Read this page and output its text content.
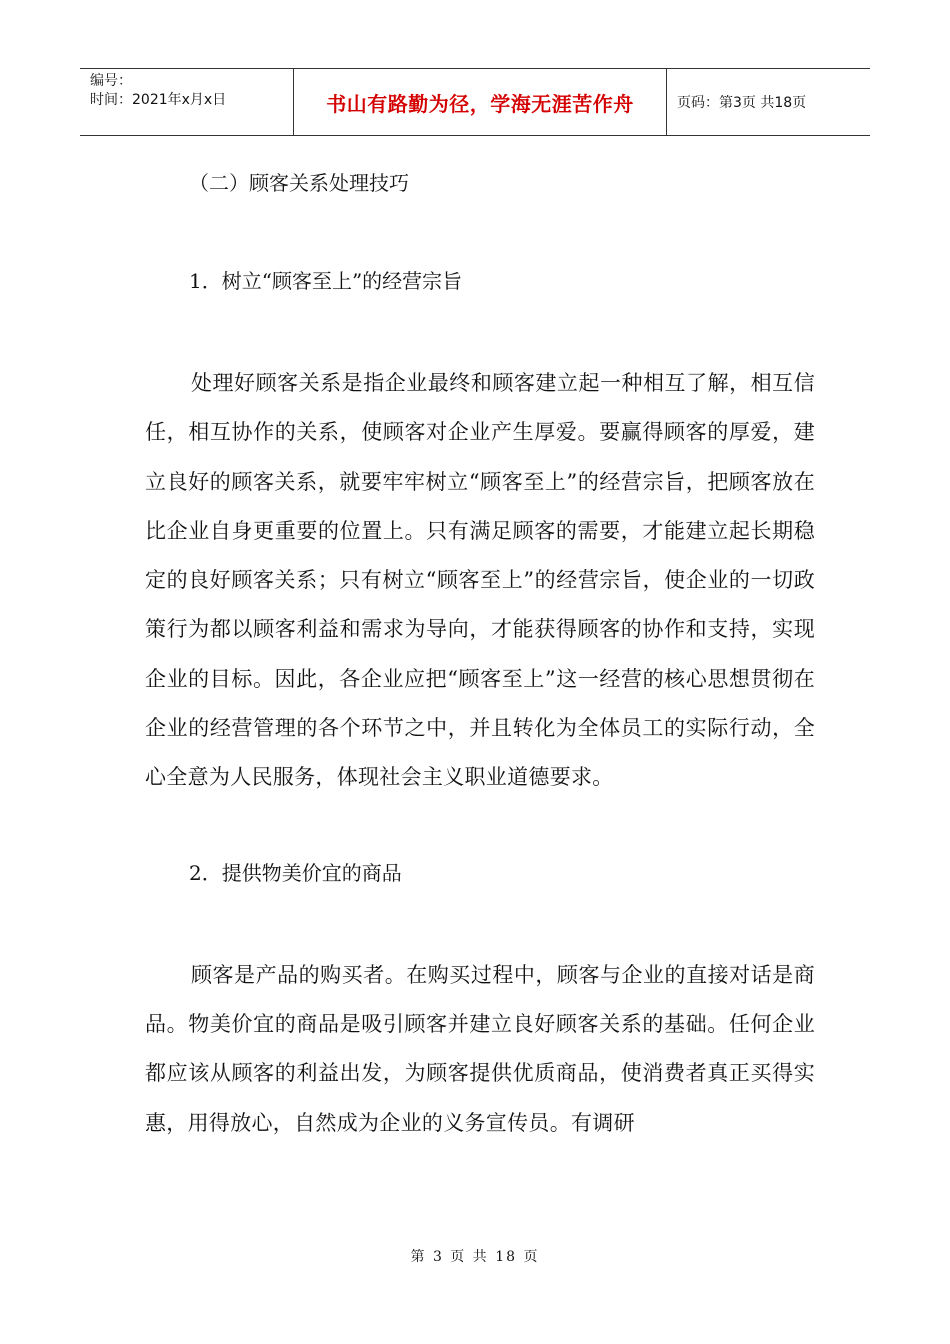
编号：
时间：2021年x月x日	书山有路勤为径，学海无涯苦作舟	页码：第3页 共18页

（二）顾客关系处理技巧

1．树立“顾客至上”的经营宗旨

处理好顾客关系是指企业最终和顾客建立起一种相互了解，相互信任，相互协作的关系，使顾客对企业产生厚爱。要赢得顾客的厚爱，建立良好的顾客关系，就要牢牢树立“顾客至上”的经营宗旨，把顾客放在比企业自身更重要的位置上。只有满足顾客的需要，才能建立起长期稳定的良好顾客关系；只有树立“顾客至上”的经营宗旨，使企业的一切政策行为都以顾客利益和需求为导向，才能获得顾客的协作和支持，实现企业的目标。因此，各企业应把“顾客至上”这一经营的核心思想贯彻在企业的经营管理的各个环节之中，并且转化为全体员工的实际行动，全心全意为人民服务，体现社会主义职业道德要求。

2．提供物美价宜的商品

顾客是产品的购买者。在购买过程中，顾客与企业的直接对话是商品。物美价宜的商品是吸引顾客并建立良好顾客关系的基础。任何企业都应该从顾客的利益出发，为顾客提供优质商品，使消费者真正买得实惠，用得放心，自然成为企业的义务宣传员。有调研

第 3 页 共 18 页
